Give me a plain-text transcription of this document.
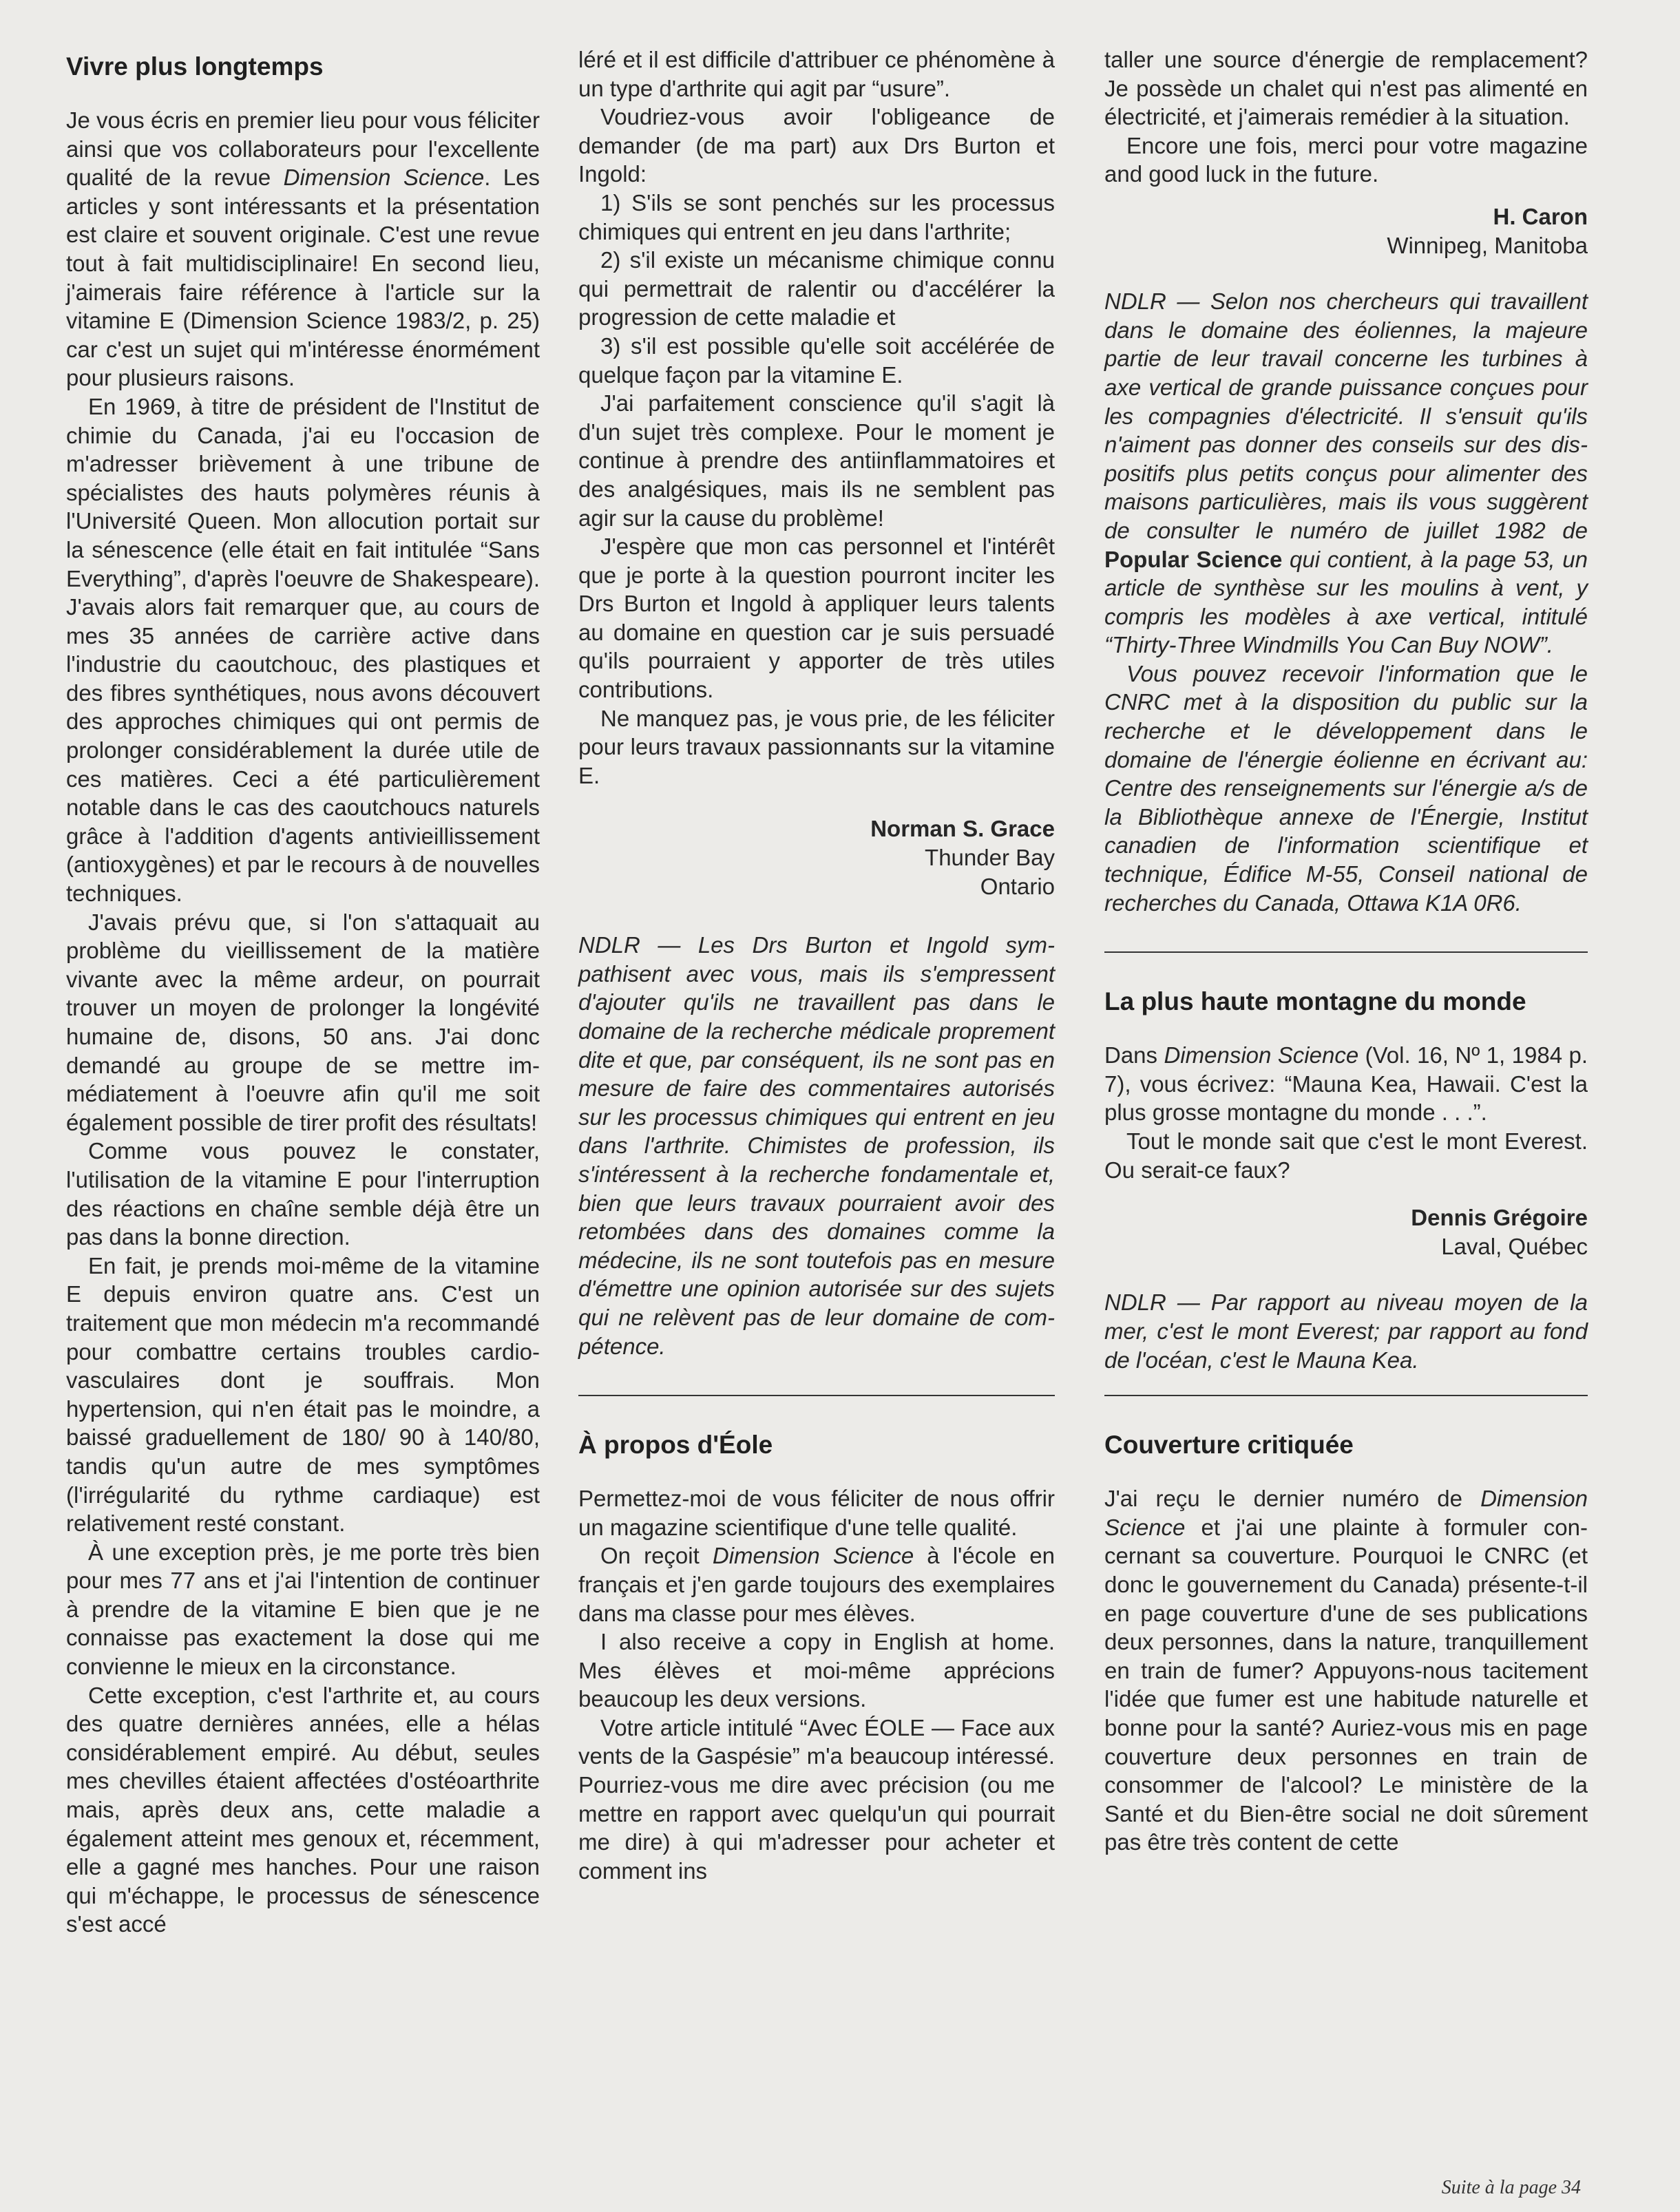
Vivre plus longtemps

Je vous écris en premier lieu pour vous féliciter ainsi que vos collaborateurs pour l'excellente qualité de la revue Dimension Science. Les articles y sont intéressants et la présentation est claire et souvent originale. C'est une revue tout à fait multidisciplinaire! En second lieu, j'aimerais faire référence à l'article sur la vitamine E (Dimension Science 1983/2, p. 25) car c'est un sujet qui m'intéresse énormément pour plusieurs raisons.

En 1969, à titre de président de l'Institut de chimie du Canada, j'ai eu l'occasion de m'adresser brièvement à une tribune de spécialistes des hauts polymères réunis à l'Université Queen. Mon allocution portait sur la sénescence (elle était en fait intitulée “Sans Everything”, d'après l'oeuvre de Shakespeare). J'avais alors fait remarquer que, au cours de mes 35 années de carrière active dans l'industrie du caoutchouc, des plastiques et des fibres synthétiques, nous avons découvert des approches chimiques qui ont permis de prolonger considérablement la durée utile de ces matières. Ceci a été particulièrement notable dans le cas des caoutchoucs naturels grâce à l'addition d'agents antivieillissement (antioxygènes) et par le recours à de nouvelles techniques.

J'avais prévu que, si l'on s'attaquait au problème du vieillissement de la matière vivante avec la même ardeur, on pourrait trouver un moyen de prolonger la longévité humaine de, disons, 50 ans. J'ai donc demandé au groupe de se mettre immédiatement à l'oeuvre afin qu'il me soit également possible de tirer profit des résultats!

Comme vous pouvez le constater, l'utilisation de la vitamine E pour l'interruption des réactions en chaîne semble déjà être un pas dans la bonne direction.

En fait, je prends moi-même de la vitamine E depuis environ quatre ans. C'est un traitement que mon médecin m'a recommandé pour combattre certains troubles cardio-vasculaires dont je souffrais. Mon hypertension, qui n'en était pas le moindre, a baissé graduellement de 180/ 90 à 140/80, tandis qu'un autre de mes symptômes (l'irrégularité du rythme cardiaque) est relativement resté constant.

À une exception près, je me porte très bien pour mes 77 ans et j'ai l'intention de continuer à prendre de la vitamine E bien que je ne connaisse pas exactement la dose qui me convienne le mieux en la circonstance.

Cette exception, c'est l'arthrite et, au cours des quatre dernières années, elle a hélas considérablement empiré. Au début, seules mes chevilles étaient affectées d'ostéoarthrite mais, après deux ans, cette maladie a également atteint mes genoux et, récemment, elle a gagné mes hanches. Pour une raison qui m'échappe, le processus de sénescence s'est accé

léré et il est difficile d'attribuer ce phénomène à un type d'arthrite qui agit par “usure”.

Voudriez-vous avoir l'obligeance de demander (de ma part) aux Drs Burton et Ingold:

1) S'ils se sont penchés sur les processus chimiques qui entrent en jeu dans l'arthrite;

2) s'il existe un mécanisme chimique connu qui permettrait de ralentir ou d'accélérer la progression de cette maladie et

3) s'il est possible qu'elle soit accélérée de quelque façon par la vitamine E.

J'ai parfaitement conscience qu'il s'agit là d'un sujet très complexe. Pour le moment je continue à prendre des antiinflammatoires et des analgésiques, mais ils ne semblent pas agir sur la cause du problème!

J'espère que mon cas personnel et l'intérêt que je porte à la question pourront inciter les Drs Burton et Ingold à appliquer leurs talents au domaine en question car je suis persuadé qu'ils pourraient y apporter de très utiles contributions.

Ne manquez pas, je vous prie, de les féliciter pour leurs travaux passionnants sur la vitamine E.

Norman S. Grace
Thunder Bay
Ontario

NDLR — Les Drs Burton et Ingold sympathisent avec vous, mais ils s'empressent d'ajouter qu'ils ne travaillent pas dans le domaine de la recherche médicale proprement dite et que, par conséquent, ils ne sont pas en mesure de faire des commentaires autorisés sur les processus chimiques qui entrent en jeu dans l'arthrite. Chimistes de profession, ils s'intéressent à la recherche fondamentale et, bien que leurs travaux pourraient avoir des retombées dans des domaines comme la médecine, ils ne sont toutefois pas en mesure d'émettre une opinion autorisée sur des sujets qui ne relèvent pas de leur domaine de compétence.

À propos d'Éole

Permettez-moi de vous féliciter de nous offrir un magazine scientifique d'une telle qualité.

On reçoit Dimension Science à l'école en français et j'en garde toujours des exemplaires dans ma classe pour mes élèves.

I also receive a copy in English at home. Mes élèves et moi-même apprécions beaucoup les deux versions.

Votre article intitulé “Avec ÉOLE — Face aux vents de la Gaspésie” m'a beaucoup intéressé. Pourriez-vous me dire avec précision (ou me mettre en rapport avec quelqu'un qui pourrait me dire) à qui m'adresser pour acheter et comment ins

taller une source d'énergie de remplacement? Je possède un chalet qui n'est pas alimenté en électricité, et j'aimerais remédier à la situation.

Encore une fois, merci pour votre magazine and good luck in the future.

H. Caron
Winnipeg, Manitoba

NDLR — Selon nos chercheurs qui travaillent dans le domaine des éoliennes, la majeure partie de leur travail concerne les turbines à axe vertical de grande puissance conçues pour les compagnies d'électricité. Il s'ensuit qu'ils n'aiment pas donner des conseils sur des dispositifs plus petits conçus pour alimenter des maisons particulières, mais ils vous suggèrent de consulter le numéro de juillet 1982 de Popular Science qui contient, à la page 53, un article de synthèse sur les moulins à vent, y compris les modèles à axe vertical, intitulé “Thirty-Three Windmills You Can Buy NOW”.

Vous pouvez recevoir l'information que le CNRC met à la disposition du public sur la recherche et le développement dans le domaine de l'énergie éolienne en écrivant au: Centre des renseignements sur l'énergie a/s de la Bibliothèque annexe de l'Énergie, Institut canadien de l'information scientifique et technique, Édifice M-55, Conseil national de recherches du Canada, Ottawa K1A 0R6.

La plus haute montagne du monde

Dans Dimension Science (Vol. 16, Nº 1, 1984 p. 7), vous écrivez: “Mauna Kea, Hawaii. C'est la plus grosse montagne du monde . . .”.

Tout le monde sait que c'est le mont Everest. Ou serait-ce faux?

Dennis Grégoire
Laval, Québec

NDLR — Par rapport au niveau moyen de la mer, c'est le mont Everest; par rapport au fond de l'océan, c'est le Mauna Kea.

Couverture critiquée

J'ai reçu le dernier numéro de Dimension Science et j'ai une plainte à formuler concernant sa couverture. Pourquoi le CNRC (et donc le gouvernement du Canada) présente-t-il en page couverture d'une de ses publications deux personnes, dans la nature, tranquillement en train de fumer? Appuyons-nous tacitement l'idée que fumer est une habitude naturelle et bonne pour la santé? Auriez-vous mis en page couverture deux personnes en train de consommer de l'alcool? Le ministère de la Santé et du Bien-être social ne doit sûrement pas être très content de cette

Suite à la page 34
